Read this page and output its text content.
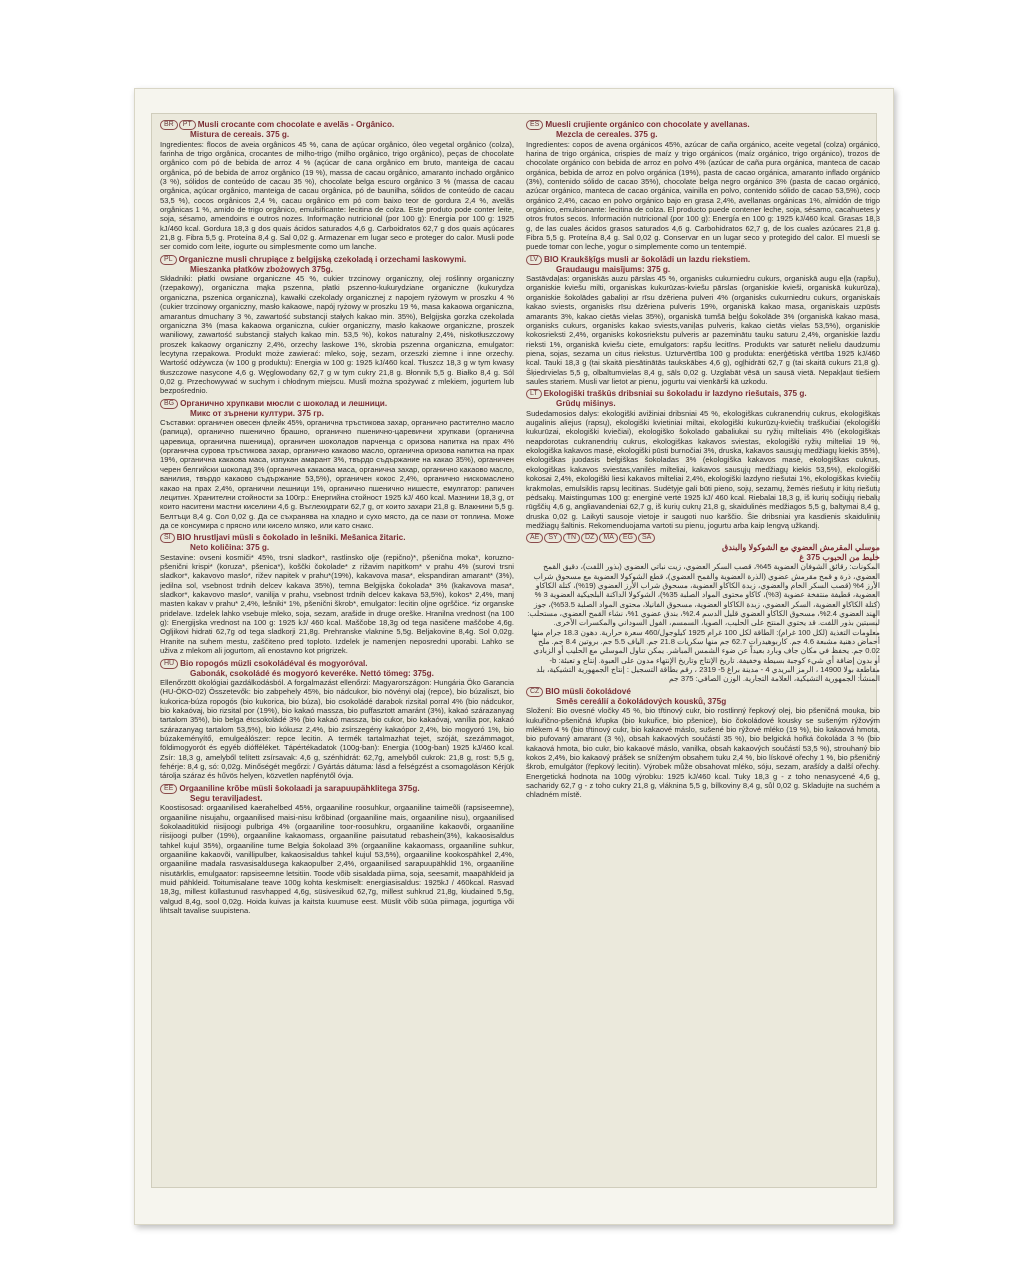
BR	PT Musli crocante com chocolate e avelãs - Orgânico.
Mistura de cereais. 375 g.
Ingredientes: flocos de aveia orgânicos 45 %, cana de açúcar orgânico, óleo vegetal orgânico (colza), farinha de trigo orgânica, crocantes de milho-trigo (milho orgânico, trigo orgânico), peças de chocolate orgânico com pó de bebida de arroz 4 % (açúcar de cana orgânico em bruto, manteiga de cacau orgânica, pó de bebida de arroz orgânico (19 %), massa de cacau orgânico, amaranto inchado orgânico (3 %), sólidos de conteúdo de cacau 35 %), chocolate belga escuro orgânico 3 % (massa de cacau orgânica, açúcar orgânico, manteiga de cacau orgânica, pó de baunilha, sólidos de conteúdo de cacau 53,5 %), cocos orgânicos 2,4 %, cacau orgânico em pó com baixo teor de gordura 2,4 %, avelãs orgânicas 1 %, amido de trigo orgânico, emulsificante: lecitina de colza. Este produto pode conter leite, soja, sésamo, amendoins e outros nozes. Informação nutricional (por 100 g): Energia por 100 g: 1925 kJ/460 kcal. Gordura 18,3 g dos quais ácidos saturados 4,6 g. Carboidratos 62,7 g dos quais açúcares 21,8 g. Fibra 5,5 g. Proteína 8,4 g. Sal 0,02 g. Armazenar em lugar seco e proteger do calor. Musli pode ser comido com leite, iogurte ou simplesmente como um lanche.
PL Organiczne musli chrupiące z belgijską czekoladą i orzechami laskowymi.
Mieszanka płatków zbożowych 375g.
Składniki: płatki owsiane organiczne 45 %, cukier trzcinowy organiczny, olej roślinny organiczny (rzepakowy), organiczna mąka pszenna, płatki pszenno-kukurydziane organiczne (kukurydza organiczna, pszenica organiczna), kawałki czekolady organicznej z napojem ryżowym w proszku 4 % (cukier trzcinowy organiczny, masło kakaowe, napój ryżowy w proszku 19 %, masa kakaowa organiczna, amarantus dmuchany 3 %, zawartość substancji stałych kakao min. 35%), Belgijska gorzka czekolada organiczna 3% (masa kakaowa organiczna, cukier organiczny, masło kakaowe organiczne, proszek waniliowy, zawartość substancji stałych kakao min. 53,5 %), kokos naturalny 2,4%, niskotłuszczowy proszek kakaowy organiczny 2,4%, orzechy laskowe 1%, skrobia pszenna organiczna, emulgator: lecytyna rzepakowa. Produkt może zawierać: mleko, soję, sezam, orzeszki ziemne i inne orzechy. Wartość odżywcza (w 100 g produktu): Energia w 100 g: 1925 kJ/460 kcal. Tłuszcz 18,3 g w tym kwasy tłuszczowe nasycone 4,6 g. Węglowodany 62,7 g w tym cukry 21,8 g. Błonnik 5,5 g. Białko 8,4 g. Sól 0,02 g. Przechowywać w suchym i chłodnym miejscu. Musli można spożywać z mlekiem, jogurtem lub bezpośrednio.
BG Органично хрупкави мюсли с шоколад и лешници.
Микс от зърнени култури. 375 гр.
Съставки: органичен овесен флейк 45%, органична тръстикова захар, органично растително масло (рапица), органично пшенично брашно, органично пшенично-царевични хрупкави (органична царевица, органична пшеница), органичен шоколадов парченца с оризова напитка на прах 4% (органична сурова тръстикова захар, органично какаово масло, органична оризова напитка на прах 19%, органична какаова маса, изпукан амарант 3%, твърдо съдържание на какао 35%), органичен черен белгийски шоколад 3% (органична какаова маса, органична захар, органично какаово масло, ванилия, твърдо какаово съдържание 53,5%), органичен кокос 2,4%, органично нискомаслено какао на прах 2,4%, органични лешници 1%, органично пшенично нишесте, емулгатор: рапичен лецитин. Хранителни стойности за 100гр.: Енергийна стойност 1925 kJ/ 460 kcal. Мазнини 18,3 g, от които наситени мастни киселини 4,6 g. Въглехидрати 62,7 g, от които захари 21,8 g. Влакнини 5,5 g. Белтъци 8,4 g. Сол 0,02 g. Да се съхранява на хладно и сухо място, да се пази от топлина. Може да се консумира с прясно или кисело мляко, или като снакс.
SI BIO hrustljavi müsli s čokolado in lešniki. Mešanica žitaric.
Neto količina: 375 g.
Sestavine: ovseni kosmiči* 45%, trsni sladkor*, rastlinsko olje (repičnο)*, pšenična moka*, koruzno-pšenični krispi* (koruza*, pšenica*), koščki čokolade* z rižavim napitkom* v prahu 4% (surovi trsni sladkor*, kakavovo maslo*, rižev napitek v prahu*(19%), kakavova masa*, ekspandiran amarant* (3%), jedilna sol, vsebnost trdnih delcev kakava 35%), temna Belgijska čokolada* 3% (kakavova masa*, sladkor*, kakavovo maslo*, vanilija v prahu, vsebnost trdnih delcev kakava 53,5%), kokos* 2,4%, manj masten kakav v prahu* 2,4%, lešniki* 1%, pšenični škrob*, emulgator: lecitin oljne ogrščice. *iz organske pridelave. Izdelek lahko vsebuje mleko, soja, sezam, arašide in druge oreške. Hranilna vrednost (na 100 g): Energijska vrednost na 100 g: 1925 kJ/ 460 kcal. Maščobe 18,3g od tega nasičene maščobe 4,6g. Ogljikovi hidrati 62,7g od tega sladkorji 21,8g. Prehranske vlaknine 5,5g. Beljakovine 8,4g. Sol 0,02g. Hranite na suhem mestu, zaščiteno pred toploto. Izdelek je namenjen neposredni uporabi. Lahko se uživa z mlekom ali jogurtom, ali enostavno kot prigrizek.
HU Bio ropogós müzli csokoládéval és mogyoróval.
Gabonák, csokoládé és mogyoró keveréke. Nettó tömeg: 375g.
Ellenőrzött ökológiai gazdálkodásból. A forgalmazást ellenőrzi: Magyarországon: Hungária Öko Garancia (HU-ÖKO-02) Összetevők: bio zabpehely 45%, bio nádcukor, bio növényi olaj (repce), bio búzaliszt, bio kukorica-búza ropogós (bio kukorica, bio búza), bio csokoládé darabok rizsital porral 4% (bio nádcukor, bio kakaóvaj, bio rizsital por (19%), bio kakaó massza, bio puffasztott amaránt (3%), kakaó szárazanyag tartalom 35%), bio belga étcsokoládé 3% (bio kakaó massza, bio cukor, bio kakaóvaj, vanília por, kakaó szárazanyag tartalom 53,5%), bio kókusz 2,4%, bio zsírszegény kakaópor 2,4%, bio mogyoró 1%, bio búzakeményítő, emulgeálószer: repce lecitin. A termék tartalmazhat tejet, szóját, szezámmagot, földimogyorót és egyéb diófféléket. Tápértékadatok (100g-ban): Energia (100g-ban) 1925 kJ/460 kcal. Zsír: 18,3 g, amelyből telített zsírsavak: 4,6 g, szénhidrát: 62,7g, amelyből cukrok: 21,8 g, rost: 5,5 g, fehérje: 8,4 g, só: 0,02g. Minőségét megőrzi: / Gyártás dátuma: lásd a felségzést a csomagoláson Kérjük tárolja száraz és hűvös helyen, közvetlen napfénytől óvja.
EE Orgaaniline krõbe müsli šokolaadi ja sarapuupähklitega 375g.
Segu teraviljadest.
Koostisosad: orgaanilised kaerahelbed 45%, orgaaniline roosuhkur, orgaaniline taimeõli (rapsiseemne), orgaaniline nisujahu, orgaanilised maisi-nisu krõbinad (orgaaniline mais, orgaaniline nisu), orgaanilised šokolaaditükid riisijoogi pulbriga 4% (orgaaniline toor-roosuhkru, orgaaniline kakaovõi, orgaaniline riisijoogi pulber (19%), orgaaniline kakaomass, orgaaniline paisutatud rebashein(3%), kakaosisaldus tahkel kujul 35%), orgaaniline tume Belgia šokolaad 3% (orgaaniline kakaomass, orgaaniline suhkur, orgaaniline kakaovõi, vanillipulber, kakaosisaldus tahkel kujul 53,5%), orgaaniline kookospähkel 2,4%, orgaaniline madala rasvasisaldusega kakaopulber 2,4%, orgaanilised sarapuupähklid 1%, orgaaniline nisutärklis, emulgaator: rapsiseemne letsitiin. Toode võib sisaldada piima, soja, seesamit, maapähkleid ja muid pähkleid. Toitumisalane teave 100g kohta keskmiselt: energiasisaldus: 1925kJ / 460kcal. Rasvad 18,3g, millest küllastunud rasvhapped 4,6g, süsivesikud 62,7g, millest suhkrud 21,8g, kiudained 5,5g, valgud 8,4g, sool 0,02g. Hoida kuivas ja kaitsta kuumuse eest. Müslit võib süüa piimaga, jogurtiga või lihtsalt tavalise suupistena.
ES Muesli crujiente orgánico con chocolate y avellanas.
Mezcla de cereales. 375 g.
Ingredientes: copos de avena orgánicos 45%, azúcar de caña orgánico, aceite vegetal (colza) orgánico, harina de trigo orgánica, crispies de maíz y trigo orgánicos (maíz orgánico, trigo orgánico), trozos de chocolate orgánico con bebida de arroz en polvo 4% (azúcar de caña pura orgánica, manteca de cacao orgánica, bebida de arroz en polvo orgánica (19%), pasta de cacao orgánica, amaranto inflado orgánico (3%), contenido sólido de cacao 35%), chocolate belga negro orgánico 3% (pasta de cacao orgánico, azúcar orgánico, manteca de cacao orgánica, vainilla en polvo, contenido sólido de cacao 53,5%), coco orgánico 2,4%, cacao en polvo orgánico bajo en grasa 2,4%, avellanas orgánicas 1%, almidón de trigo orgánico, emulsionante: lecitina de colza. El producto puede contener leche, soja, sésamo, cacahuetes y otros frutos secos. Información nutricional (por 100 g): Energía en 100 g: 1925 kJ/460 kcal. Grasas 18,3 g, de las cuales ácidos grasos saturados 4,6 g. Carbohidratos 62,7 g, de los cuales azúcares 21,8 g. Fibra 5,5 g. Proteína 8,4 g. Sal 0,02 g. Conservar en un lugar seco y protegido del calor. El muesli se puede tomar con leche, yogur o simplemente como un tentempié.
LV BIO Kraukšķīgs musli ar šokolādi un lazdu riekstiem.
Graudaugu maisījums: 375 g.
Sastāvdaļas: organiskās auzu pārslas 45 %, organisks cukurniedru cukurs, organiskā augu eļļa (rapšu), organiskie kviešu milti, organiskas kukurūzas-kviešu pārslas (organiskie kvieši, organiskā kukurūza), organiskie šokolādes gabaliņi ar rīsu dzēriena pulveri 4% (organisks cukurniedru cukurs, organiskais kakao sviests, organisks rīsu dzēriena pulveris 19%, organiskā kakao masa, organiskais uzpūsts amarants 3%, kakao cietās vielas 35%), organiskā tumšā beļģu šokolāde 3% (organiskā kakao masa, organisks cukurs, organisks kakao sviests,vaniļas pulveris, kakao cietās vielas 53,5%), organiskie kokosrieksti 2,4%, organisks kokosriekstu pulveris ar pazeminātu tauku saturu 2,4%, organiskie lazdu rieksti 1%, organiskā kviešu ciete, emulgators: rapšu lecitīns. Produkts var saturēt nelielu daudzumu piena, sojas, sezama un citus riekstus. Uzturvērtība 100 g produkta: enerģētiskā vērtība 1925 kJ/460 kcal. Tauki 18,3 g (tai skaitā piesātinātās taukskābes 4,6 g), ogļhidrāti 62,7 g (tai skaitā cukurs 21,8 g). Šķiedrvielas 5,5 g, olbaltumvielas 8,4 g, sāls 0,02 g. Uzglabāt vēsā un sausā vietā. Nepakļaut tiešiem saules stariem. Musli var lietot ar pienu, jogurtu vai vienkārši kā uzkodu.
LT Ekologiški traškūs dribsniai su šokoladu ir lazdyno riešutais, 375 g.
Grūdų mišinys.
Sudedamosios dalys: ekologiški avižiniai dribsniai 45 %, ekologiškas cukranendrių cukrus, ekologiškas augalinis aliejus (rapsų), ekologiški kvietiniai miltai, ekologiški kukurūzų-kviečių traškučiai (ekologiški kukurūzai, ekologiški kviečiai), ekologiško šokolado gabaliukai su ryžių milteliais 4% (ekologiškas neapdorotas cukranendrių cukrus, ekologiškas kakavos sviestas, ekologiški ryžių milteliai 19 %, ekologiška kakavos masė, ekologiški pūsti burnočiai 3%, druska, kakavos sausųjų medžiagų kiekis 35%), ekologiškas juodasis belgiškas šokoladas 3% (ekologiška kakavos masė, ekologiškas cukrus, ekologiškas kakavos sviestas,vanilės milteliai, kakavos sausųjų medžiagų kiekis 53,5%), ekologiški kokosai 2,4%, ekologiški liesi kakavos milteliai 2,4%, ekologiški lazdyno riešutai 1%, ekologiškas kviečių krakmolas, emulsiklis rapsų lecitinas. Sudėtyje gali būti pieno, sojų, sezamų, žemės riešutų ir kitų riešutų pėdsakų. Maistingumas 100 g: energinė vertė 1925 kJ/ 460 kcal. Riebalai 18,3 g, iš kurių sočiųjų riebalų rūgščių 4,6 g, angliavandeniai 62,7 g, iš kurių cukrų 21,8 g, skaidulinės medžiagos 5,5 g, baltymai 8,4 g, druska 0,02 g. Laikyti sausoje vietoje ir saugoti nuo karščio. Šie dribsniai yra kasdienis skaidulinių medžiagų šaltinis. Rekomenduojama vartoti su pienu, jogurtu arba kaip lengvą užkandį.
SA
EG
MA
DZ
TN
SY
AE
موسلي المقرمش العضوي مع الشوكولا والبندق
خليط من الحبوب 375 غ
المكونات: رقائق الشوفان العضوية 45%، قصب السكر العضوي، زيت نباتي العضوي (بذور اللفت)، دقيق القمح العضوي، ذرة و قمح مقرمش عضوي (الذرة العضوية والقمح العضوي)، قطع الشوكولا العضوية مع مسحوق شراب الأرز 4% (قصب السكر الخام والعضوي، زبدة الكاكاو العضوية، مسحوق شراب الأرز العضوي (19%)، كتلة الكاكاو العضوية، قطيفة منتفخة عضوية (3%)، كاكاو محتوى المواد الصلبة 35%)، الشوكولا الداكنة البلجيكية العضوية 3 % (كتلة الكاكاو العضوية، السكر العضوي، زبدة الكاكاو العضوية، مسحوق الفانيلا، محتوى المواد الصلبة 53.5%)، جوز الهند العضوي 2.4%، مسحوق الكاكاو العضوي قليل الدسم 2.4%، بندق عضوي 1%، نشاء القمح العضوي، مستحلب: ليسيتين بذور اللفت. قد يحتوي المنتج على الحليب، الصويا، السمسم، الفول السوداني والمكسرات الأخرى. معلومات التغذية (لكل 100 غرام): الطاقة لكل 100 غرام 1925 كيلوجول/460 سعرة حرارية. دهون 18.3 جرام منها أحماض دهنية مشبعة 4.6 جم. كاربوهيدرات 62.7 جم منها سكريات 21.8 جم. الياف 5.5 جم. بروتين 8.4 جم. ملح 0.02 جم. يحفظ في مكان جاف وبارد بعيداً عن ضوء الشمس المباشر. يمكن تناول الموسلي مع الحليب أو الزبادي أو بدون إضافة أي شيء كوجبة بسيطة وخفيفة. تاريخ الإنتاج وتاريخ الإنتهاء مدون على العبوة. إنتاج و تعبئة: b-مقاطعة بولا 14900 ، الرمز البريدي 4 - مدينة براغ 5- 2319 ، رقم بطاقة التسجيل : إنتاج الجمهورية التشيكية، بلد المنشأ: الجمهورية التشيكية، العلامة التجارية. الوزن الصافي: 375 جم
CZ BIO müsli čokoládové
Směs cereálií a čokoládových kousků, 375g
Složení: Bio ovesné vločky 45 %, bio třtinový cukr, bio rostlinný řepkový olej, bio pšeničná mouka, bio kukuřično-pšeničná křupka (bio kukuřice, bio pšenice), bio čokoládové kousky se sušeným rýžovým mlékem 4 % (bio třtinový cukr, bio kakaové máslo, sušené bio rýžové mléko (19 %), bio kakaová hmota, bio pufovaný amarant (3 %), obsah kakaových součástí 35 %), bio belgická hořká čokoláda 3 % (bio kakaová hmota, bio cukr, bio kakaové máslo, vanilka, obsah kakaových součástí 53,5 %), strouhaný bio kokos 2,4%, bio kakaový prášek se sníženým obsahem tuku 2,4 %, bio lískové ořechy 1 %, bio pšeničný škrob, emulgátor (řepkový lecitin). Výrobek může obsahovat mléko, sóju, sezam, arašídy a další ořechy. Energetická hodnota na 100g výrobku: 1925 kJ/460 kcal. Tuky 18,3 g - z toho nenasycené 4,6 g, sacharidy 62,7 g - z toho cukry 21,8 g, vláknina 5,5 g, bílkoviny 8,4 g, sůl 0,02 g. Skladujte na suchém a chladném místě.
